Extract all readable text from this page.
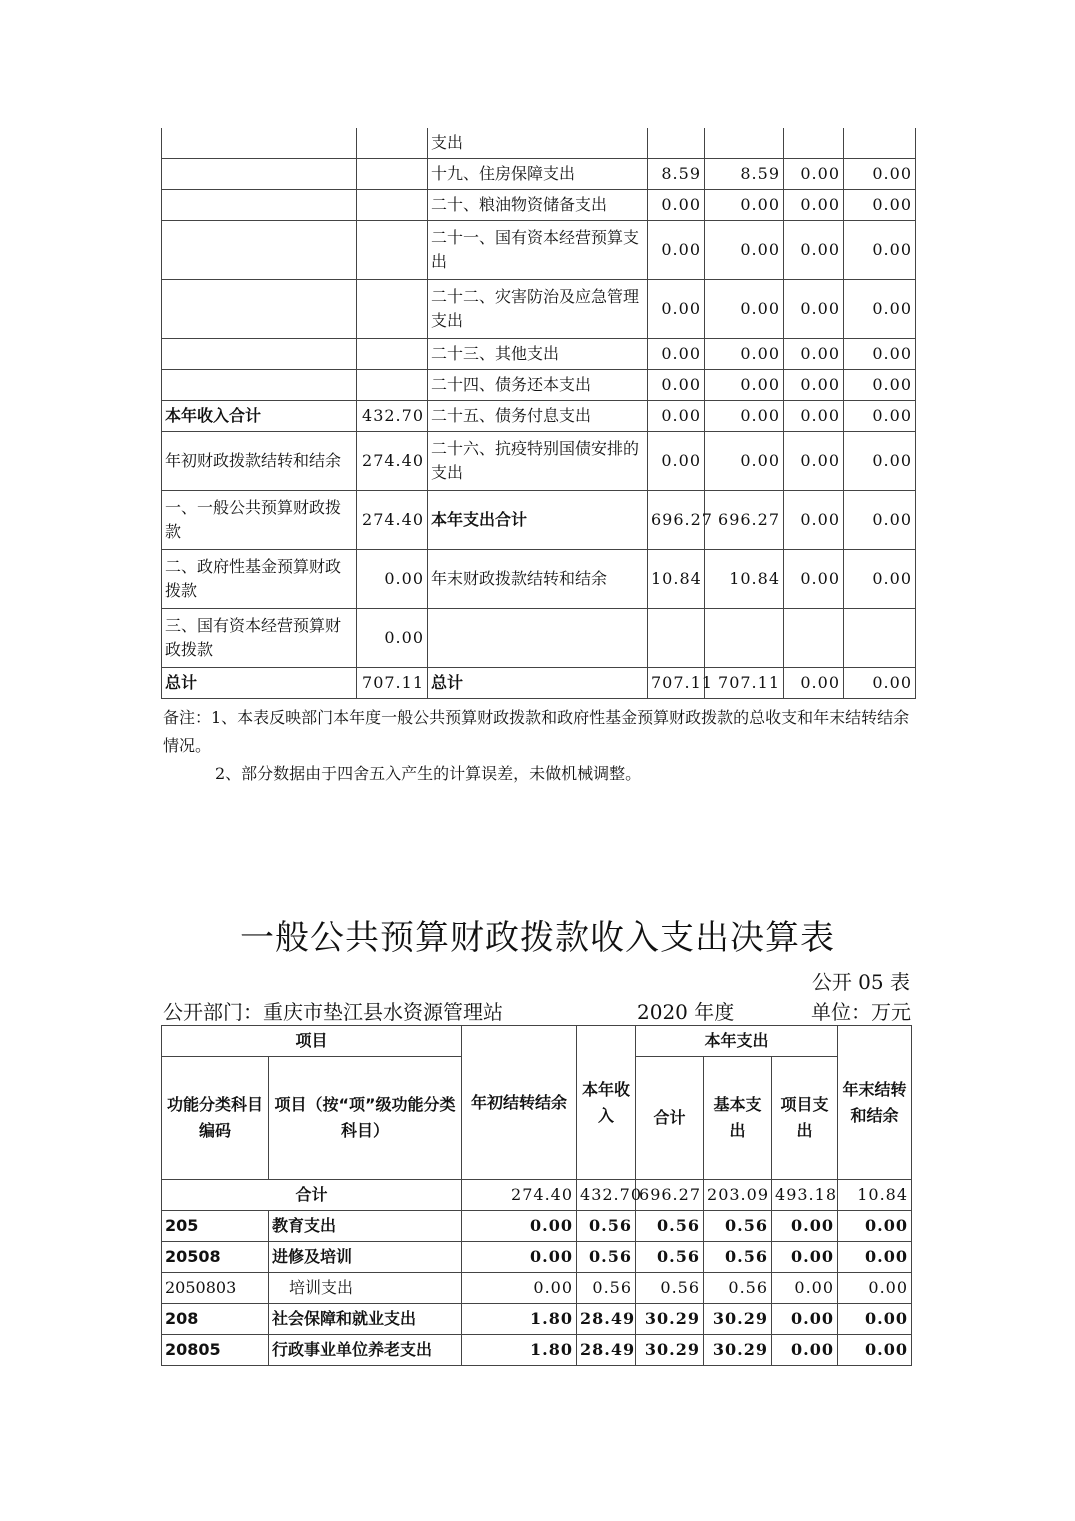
		支出				
		十九、住房保障支出	8.59	8.59	0.00	0.00
		二十、粮油物资储备支出	0.00	0.00	0.00	0.00
		二十一、国有资本经营预算支出	0.00	0.00	0.00	0.00
		二十二、灾害防治及应急管理支出	0.00	0.00	0.00	0.00
		二十三、其他支出	0.00	0.00	0.00	0.00
		二十四、债务还本支出	0.00	0.00	0.00	0.00
本年收入合计	432.70	二十五、债务付息支出	0.00	0.00	0.00	0.00
年初财政拨款结转和结余	274.40	二十六、抗疫特别国债安排的支出	0.00	0.00	0.00	0.00
一、一般公共预算财政拨款	274.40	本年支出合计	696.27	696.27	0.00	0.00
二、政府性基金预算财政拨款	0.00	年末财政拨款结转和结余	10.84	10.84	0.00	0.00
三、国有资本经营预算财政拨款	0.00					
总计	707.11	总计	707.11	707.11	0.00	0.00
备注：1、本表反映部门本年度一般公共预算财政拨款和政府性基金预算财政拨款的总收支和年末结转结余情况。
2、部分数据由于四舍五入产生的计算误差，未做机械调整。
一般公共预算财政拨款收入支出决算表
公开 05 表
公开部门：重庆市垫江县水资源管理站	2020 年度	单位：万元
项目		年初结转结余	本年收入	本年支出			年末结转和结余
功能分类科目编码	项目（按“项”级功能分类科目）			合计	基本支出	项目支出	
合计		274.40	432.70	696.27	203.09	493.18	10.84
205	教育支出	0.00	0.56	0.56	0.56	0.00	0.00
20508	进修及培训	0.00	0.56	0.56	0.56	0.00	0.00
2050803	培训支出	0.00	0.56	0.56	0.56	0.00	0.00
208	社会保障和就业支出	1.80	28.49	30.29	30.29	0.00	0.00
20805	行政事业单位养老支出	1.80	28.49	30.29	30.29	0.00	0.00
